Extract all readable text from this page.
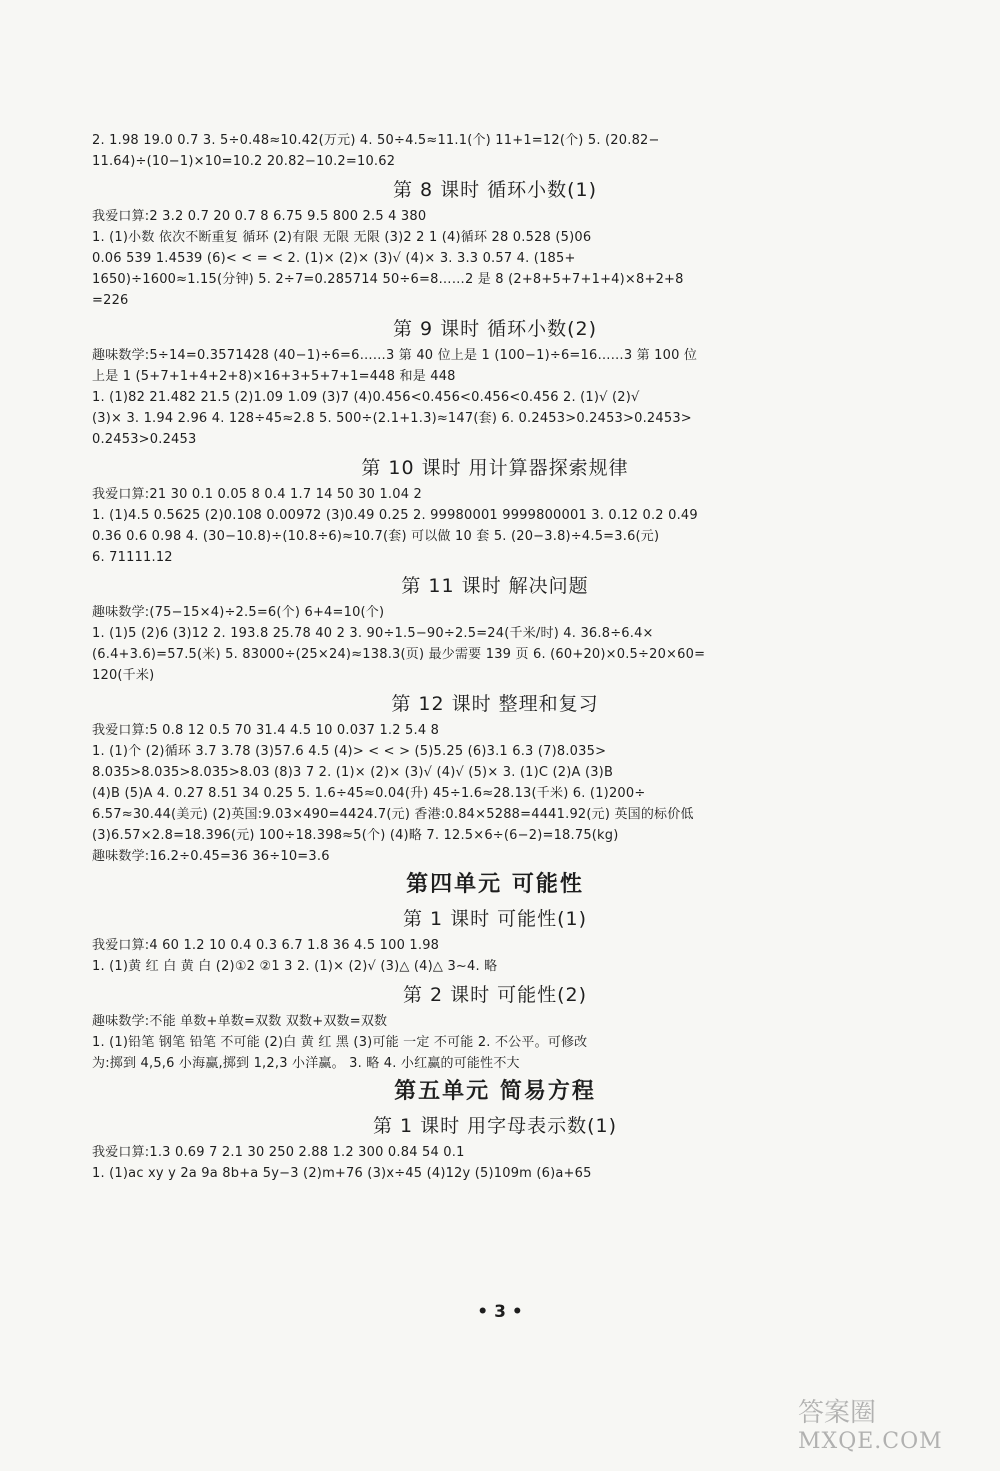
2. 1.98 19.0 0.7 3. 5÷0.48≈10.42(万元) 4. 50÷4.5≈11.1(个) 11+1=12(个) 5. (20.82−
11.64)÷(10−1)×10=10.2 20.82−10.2=10.62
第 8 课时 循环小数(1)
我爱口算:2 3.2 0.7 20 0.7 8 6.75 9.5 800 2.5 4 380
1. (1)小数 依次不断重复 循环 (2)有限 无限 无限 (3)2 2 1 (4)循环 28 0.528 (5)06
0.06 539 1.4539 (6)< < = < 2. (1)× (2)× (3)√ (4)× 3. 3.3 0.57 4. (185+
1650)÷1600≈1.15(分钟) 5. 2÷7=0.285714 50÷6=8……2 是 8 (2+8+5+7+1+4)×8+2+8
=226
第 9 课时 循环小数(2)
趣味数学:5÷14=0.3571428 (40−1)÷6=6……3 第 40 位上是 1 (100−1)÷6=16……3 第 100 位
上是 1 (5+7+1+4+2+8)×16+3+5+7+1=448 和是 448
1. (1)82 21.482 21.5 (2)1.09 1.09 (3)7 (4)0.456<0.456<0.456<0.456 2. (1)√ (2)√
(3)× 3. 1.94 2.96 4. 128÷45≈2.8 5. 500÷(2.1+1.3)≈147(套) 6. 0.2453>0.2453>0.2453>
0.2453>0.2453
第 10 课时 用计算器探索规律
我爱口算:21 30 0.1 0.05 8 0.4 1.7 14 50 30 1.04 2
1. (1)4.5 0.5625 (2)0.108 0.00972 (3)0.49 0.25 2. 99980001 9999800001 3. 0.12 0.2 0.49
0.36 0.6 0.98 4. (30−10.8)÷(10.8÷6)≈10.7(套) 可以做 10 套 5. (20−3.8)÷4.5=3.6(元)
6. 71111.12
第 11 课时 解决问题
趣味数学:(75−15×4)÷2.5=6(个) 6+4=10(个)
1. (1)5 (2)6 (3)12 2. 193.8 25.78 40 2 3. 90÷1.5−90÷2.5=24(千米/时) 4. 36.8÷6.4×
(6.4+3.6)=57.5(米) 5. 83000÷(25×24)≈138.3(页) 最少需要 139 页 6. (60+20)×0.5÷20×60=
120(千米)
第 12 课时 整理和复习
我爱口算:5 0.8 12 0.5 70 31.4 4.5 10 0.037 1.2 5.4 8
1. (1)个 (2)循环 3.7 3.78 (3)57.6 4.5 (4)> < < > (5)5.25 (6)3.1 6.3 (7)8.035>
8.035>8.035>8.035>8.03 (8)3 7 2. (1)× (2)× (3)√ (4)√ (5)× 3. (1)C (2)A (3)B
(4)B (5)A 4. 0.27 8.51 34 0.25 5. 1.6÷45≈0.04(升) 45÷1.6≈28.13(千米) 6. (1)200÷
6.57≈30.44(美元) (2)英国:9.03×490=4424.7(元) 香港:0.84×5288=4441.92(元) 英国的标价低
(3)6.57×2.8=18.396(元) 100÷18.398≈5(个) (4)略 7. 12.5×6÷(6−2)=18.75(kg)
趣味数学:16.2÷0.45=36 36÷10=3.6
第四单元 可能性
第 1 课时 可能性(1)
我爱口算:4 60 1.2 10 0.4 0.3 6.7 1.8 36 4.5 100 1.98
1. (1)黄 红 白 黄 白 (2)①2 ②1 3 2. (1)× (2)√ (3)△ (4)△ 3~4. 略
第 2 课时 可能性(2)
趣味数学:不能 单数+单数=双数 双数+双数=双数
1. (1)铅笔 钢笔 铅笔 不可能 (2)白 黄 红 黑 (3)可能 一定 不可能 2. 不公平。可修改
为:掷到 4,5,6 小海赢,掷到 1,2,3 小洋赢。 3. 略 4. 小红赢的可能性不大
第五单元 简易方程
第 1 课时 用字母表示数(1)
我爱口算:1.3 0.69 7 2.1 30 250 2.88 1.2 300 0.84 54 0.1
1. (1)ac xy y 2a 9a 8b+a 5y−3 (2)m+76 (3)x÷45 (4)12y (5)109m (6)a+65
• 3 •
答案圈
MXQE.COM
